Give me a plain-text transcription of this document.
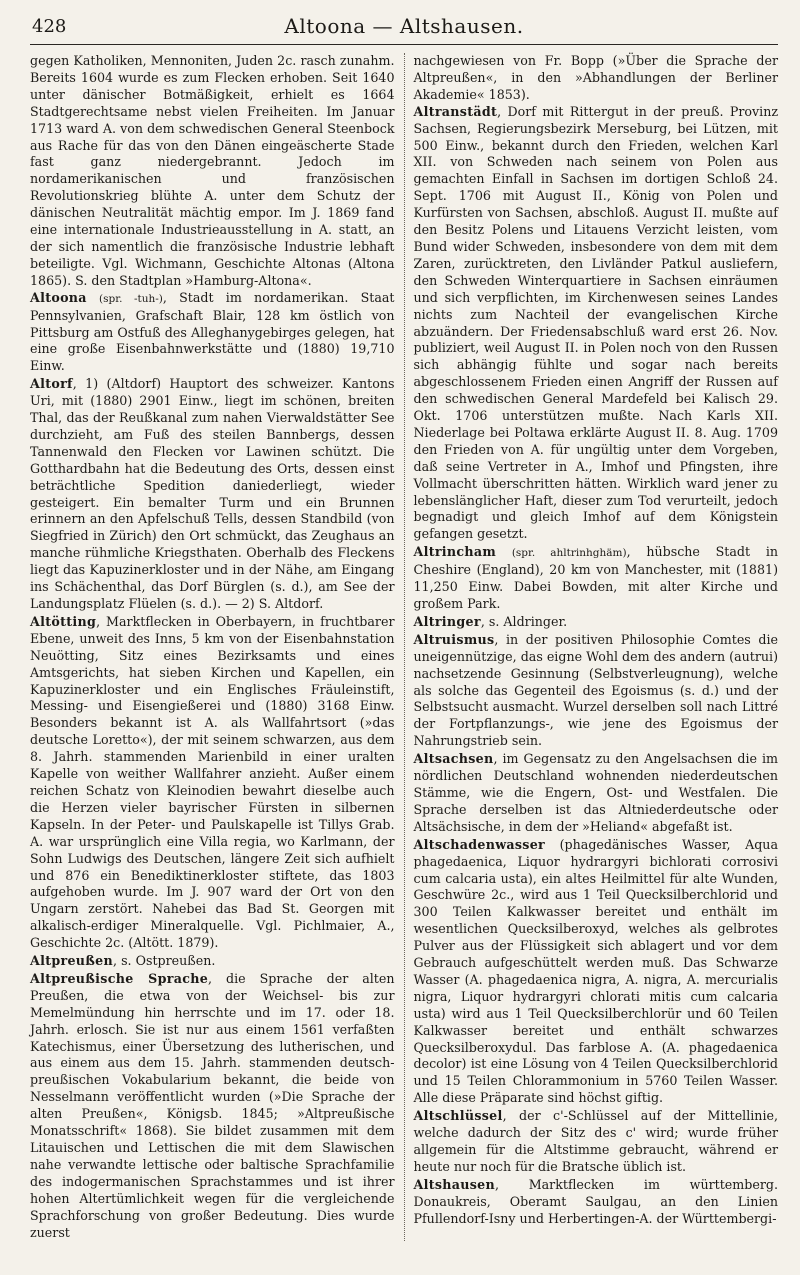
428	Altoona — Altshausen.

gegen Katholiken, Mennoniten, Juden 2c. rasch zunahm. Bereits 1604 wurde es zum Flecken erhoben. Seit 1640 unter dänischer Botmäßigkeit, erhielt es 1664 Stadtgerechtsame nebst vielen Freiheiten. Im Januar 1713 ward A. von dem schwedischen General Steenbock aus Rache für das von den Dänen eingeäscherte Stade fast ganz niedergebrannt. Jedoch im nordamerikanischen und französischen Revolutionskrieg blühte A. unter dem Schutz der dänischen Neutralität mächtig empor. Im J. 1869 fand eine internationale Industrieausstellung in A. statt, an der sich namentlich die französische Industrie lebhaft beteiligte. Vgl. Wichmann, Geschichte Altonas (Altona 1865). S. den Stadtplan »Hamburg-Altona«.

Altoona (spr. -tuh-), Stadt im nordamerikan. Staat Pennsylvanien, Grafschaft Blair, 128 km östlich von Pittsburg am Ostfuß des Alleghanygebirges gelegen, hat eine große Eisenbahnwerkstätte und (1880) 19,710 Einw.

Altorf, 1) (Altdorf) Hauptort des schweizer. Kantons Uri, mit (1880) 2901 Einw., liegt im schönen, breiten Thal, das der Reußkanal zum nahen Vierwaldstätter See durchzieht, am Fuß des steilen Bannbergs, dessen Tannenwald den Flecken vor Lawinen schützt. Die Gotthardbahn hat die Bedeutung des Orts, dessen einst beträchtliche Spedition daniederliegt, wieder gesteigert. Ein bemalter Turm und ein Brunnen erinnern an den Apfelschuß Tells, dessen Standbild (von Siegfried in Zürich) den Ort schmückt, das Zeughaus an manche rühmliche Kriegsthaten. Oberhalb des Fleckens liegt das Kapuzinerkloster und in der Nähe, am Eingang ins Schächenthal, das Dorf Bürglen (s. d.), am See der Landungsplatz Flüelen (s. d.). — 2) S. Altdorf.

Altötting, Marktflecken in Oberbayern, in fruchtbarer Ebene, unweit des Inns, 5 km von der Eisenbahnstation Neuötting, Sitz eines Bezirksamts und eines Amtsgerichts, hat sieben Kirchen und Kapellen, ein Kapuzinerkloster und ein Englisches Fräuleinstift, Messing- und Eisengießerei und (1880) 3168 Einw. Besonders bekannt ist A. als Wallfahrtsort (»das deutsche Loretto«), der mit seinem schwarzen, aus dem 8. Jahrh. stammenden Marienbild in einer uralten Kapelle von weither Wallfahrer anzieht. Außer einem reichen Schatz von Kleinodien bewahrt dieselbe auch die Herzen vieler bayrischer Fürsten in silbernen Kapseln. In der Peter- und Paulskapelle ist Tillys Grab. A. war ursprünglich eine Villa regia, wo Karlmann, der Sohn Ludwigs des Deutschen, längere Zeit sich aufhielt und 876 ein Benediktinerkloster stiftete, das 1803 aufgehoben wurde. Im J. 907 ward der Ort von den Ungarn zerstört. Nahebei das Bad St. Georgen mit alkalisch-erdiger Mineralquelle. Vgl. Pichlmaier, A., Geschichte 2c. (Altött. 1879).

Altpreußen, s. Ostpreußen.

Altpreußische Sprache, die Sprache der alten Preußen, die etwa von der Weichsel- bis zur Memelmündung hin herrschte und im 17. oder 18. Jahrh. erlosch. Sie ist nur aus einem 1561 verfaßten Katechismus, einer Übersetzung des lutherischen, und aus einem aus dem 15. Jahrh. stammenden deutsch-preußischen Vokabularium bekannt, die beide von Nesselmann veröffentlicht wurden (»Die Sprache der alten Preußen«, Königsb. 1845; »Altpreußische Monatsschrift« 1868). Sie bildet zusammen mit dem Litauischen und Lettischen die mit dem Slawischen nahe verwandte lettische oder baltische Sprachfamilie des indogermanischen Sprachstammes und ist ihrer hohen Altertümlichkeit wegen für die vergleichende Sprachforschung von großer Bedeutung. Dies wurde zuerst

nachgewiesen von Fr. Bopp (»Über die Sprache der Altpreußen«, in den »Abhandlungen der Berliner Akademie« 1853).

Altranstädt, Dorf mit Rittergut in der preuß. Provinz Sachsen, Regierungsbezirk Merseburg, bei Lützen, mit 500 Einw., bekannt durch den Frieden, welchen Karl XII. von Schweden nach seinem von Polen aus gemachten Einfall in Sachsen im dortigen Schloß 24. Sept. 1706 mit August II., König von Polen und Kurfürsten von Sachsen, abschloß. August II. mußte auf den Besitz Polens und Litauens Verzicht leisten, vom Bund wider Schweden, insbesondere von dem mit dem Zaren, zurücktreten, den Livländer Patkul ausliefern, den Schweden Winterquartiere in Sachsen einräumen und sich verpflichten, im Kirchenwesen seines Landes nichts zum Nachteil der evangelischen Kirche abzuändern. Der Friedensabschluß ward erst 26. Nov. publiziert, weil August II. in Polen noch von den Russen sich abhängig fühlte und sogar nach bereits abgeschlossenem Frieden einen Angriff der Russen auf den schwedischen General Mardefeld bei Kalisch 29. Okt. 1706 unterstützen mußte. Nach Karls XII. Niederlage bei Poltawa erklärte August II. 8. Aug. 1709 den Frieden von A. für ungültig unter dem Vorgeben, daß seine Vertreter in A., Imhof und Pfingsten, ihre Vollmacht überschritten hätten. Wirklich ward jener zu lebenslänglicher Haft, dieser zum Tod verurteilt, jedoch begnadigt und gleich Imhof auf dem Königstein gefangen gesetzt.

Altrincham (spr. ahltrinhghäm), hübsche Stadt in Cheshire (England), 20 km von Manchester, mit (1881) 11,250 Einw. Dabei Bowden, mit alter Kirche und großem Park.

Altringer, s. Aldringer.

Altruismus, in der positiven Philosophie Comtes die uneigennützige, das eigne Wohl dem des andern (autrui) nachsetzende Gesinnung (Selbstverleugnung), welche als solche das Gegenteil des Egoismus (s. d.) und der Selbstsucht ausmacht. Wurzel derselben soll nach Littré der Fortpflanzungs-, wie jene des Egoismus der Nahrungstrieb sein.

Altsachsen, im Gegensatz zu den Angelsachsen die im nördlichen Deutschland wohnenden niederdeutschen Stämme, wie die Engern, Ost- und Westfalen. Die Sprache derselben ist das Altniederdeutsche oder Altsächsische, in dem der »Heliand« abgefaßt ist.

Altschadenwasser (phagedänisches Wasser, Aqua phagedaenica, Liquor hydrargyri bichlorati corrosivi cum calcaria usta), ein altes Heilmittel für alte Wunden, Geschwüre 2c., wird aus 1 Teil Quecksilberchlorid und 300 Teilen Kalkwasser bereitet und enthält im wesentlichen Quecksilberoxyd, welches als gelbrotes Pulver aus der Flüssigkeit sich ablagert und vor dem Gebrauch aufgeschüttelt werden muß. Das Schwarze Wasser (A. phagedaenica nigra, A. nigra, A. mercurialis nigra, Liquor hydrargyri chlorati mitis cum calcaria usta) wird aus 1 Teil Quecksilberchlorür und 60 Teilen Kalkwasser bereitet und enthält schwarzes Quecksilberoxydul. Das farblose A. (A. phagedaenica decolor) ist eine Lösung von 4 Teilen Quecksilberchlorid und 15 Teilen Chlorammonium in 5760 Teilen Wasser. Alle diese Präparate sind höchst giftig.

Altschlüssel, der c'-Schlüssel auf der Mittellinie, welche dadurch der Sitz des c' wird; wurde früher allgemein für die Altstimme gebraucht, während er heute nur noch für die Bratsche üblich ist.

Altshausen, Marktflecken im württemberg. Donaukreis, Oberamt Saulgau, an den Linien Pfullendorf-Isny und Herbertingen-A. der Württembergi-
